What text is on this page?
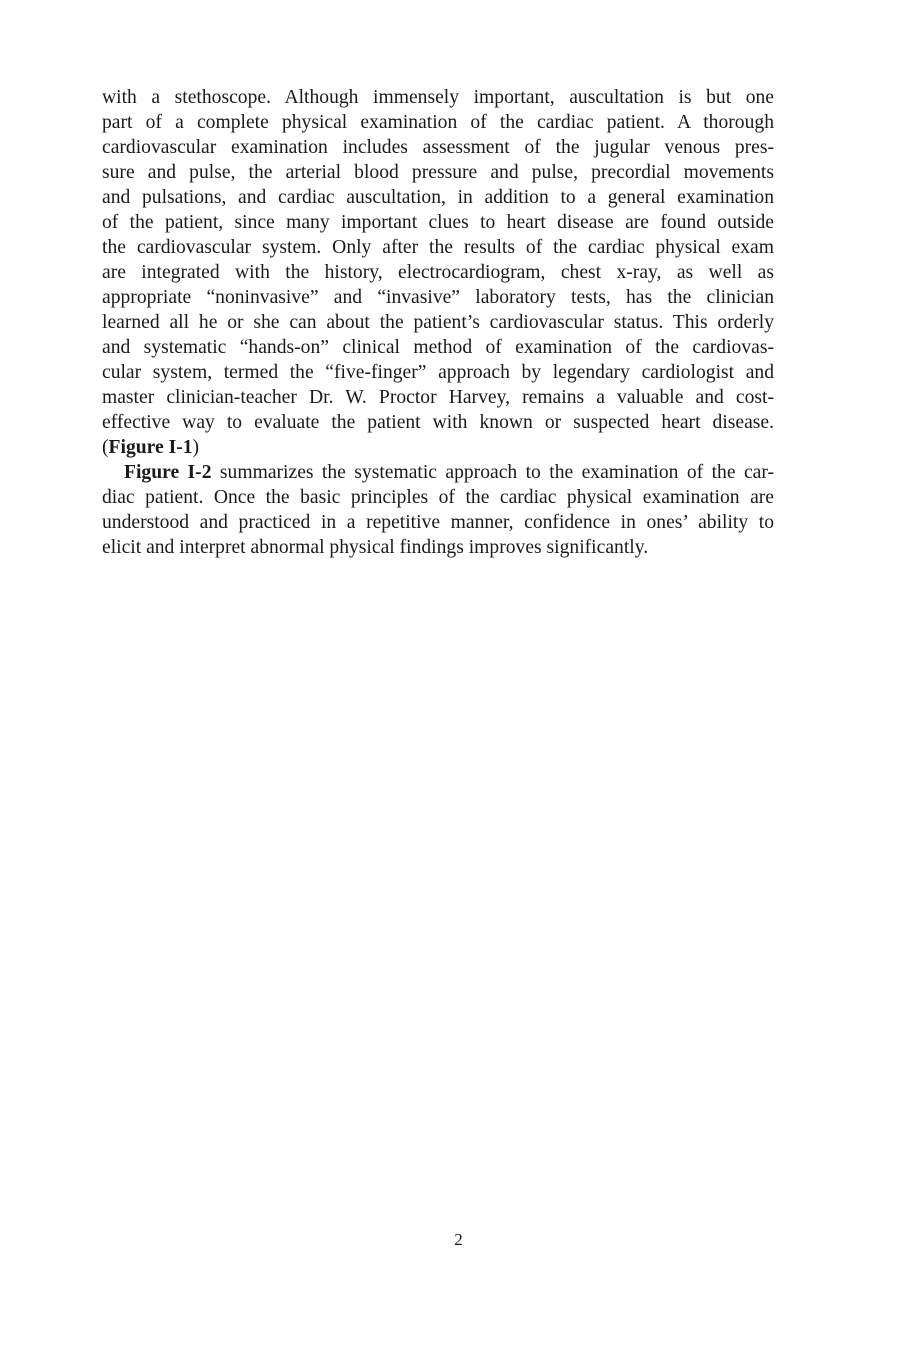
with a stethoscope. Although immensely important, auscultation is but one
part of a complete physical examination of the cardiac patient. A thorough
cardiovascular examination includes assessment of the jugular venous pres-
sure and pulse, the arterial blood pressure and pulse, precordial movements
and pulsations, and cardiac auscultation, in addition to a general examination
of the patient, since many important clues to heart disease are found outside
the cardiovascular system. Only after the results of the cardiac physical exam
are integrated with the history, electrocardiogram, chest x-ray, as well as
appropriate “noninvasive” and “invasive” laboratory tests, has the clinician
learned all he or she can about the patient’s cardiovascular status. This orderly
and systematic “hands-on” clinical method of examination of the cardiovas-
cular system, termed the “five-finger” approach by legendary cardiologist and
master clinician-teacher Dr. W. Proctor Harvey, remains a valuable and cost-
effective way to evaluate the patient with known or suspected heart disease.
(Figure I-1)

Figure I-2 summarizes the systematic approach to the examination of the car-
diac patient. Once the basic principles of the cardiac physical examination are
understood and practiced in a repetitive manner, confidence in ones’ ability to
elicit and interpret abnormal physical findings improves significantly.

2
